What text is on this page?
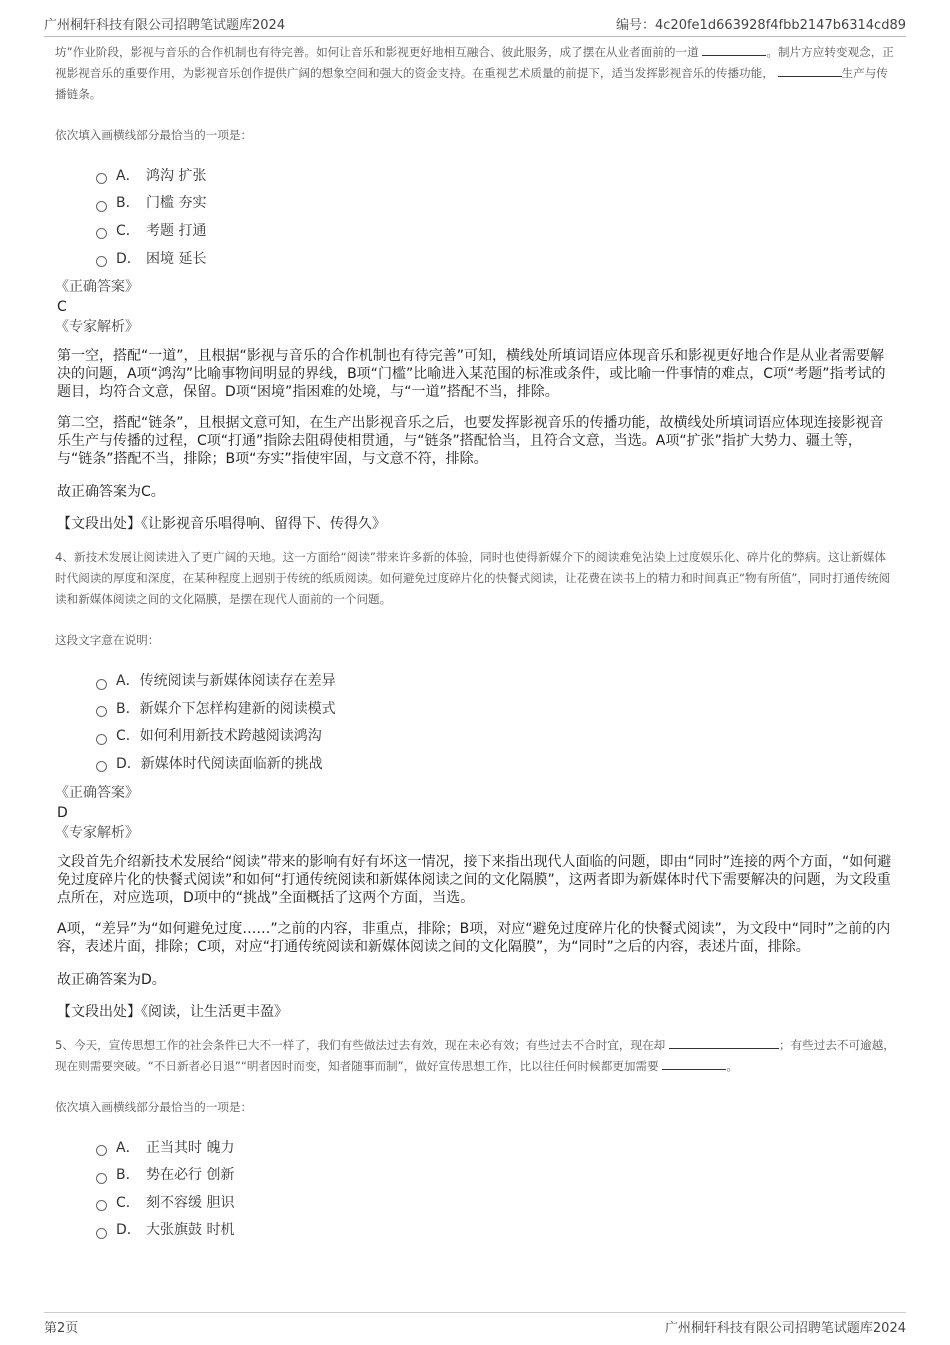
广州桐轩科技有限公司招聘笔试题库2024	编号：4c20fe1d663928f4fbb2147b6314cd89

坊”作业阶段，影视与音乐的合作机制也有待完善。如何让音乐和影视更好地相互融合、彼此服务，成了摆在从业者面前的一道	。制片方应转变观念，正视影视音乐的重要作用，为影视音乐创作提供广阔的想象空间和强大的资金支持。在重视艺术质量的前提下，适当发挥影视音乐的传播功能，	生产与传播链条。

依次填入画横线部分最恰当的一项是：

A． 鸿沟 扩张
B． 门槛 夯实
C． 考题 打通
D． 困境 延长

《正确答案》

C

《专家解析》

第一空，搭配“一道”，且根据“影视与音乐的合作机制也有待完善”可知，横线处所填词语应体现音乐和影视更好地合作是从业者需要解决的问题，A项“鸿沟”比喻事物间明显的界线，B项“门槛”比喻进入某范围的标准或条件，或比喻一件事情的难点，C项“考题”指考试的题目，均符合文意，保留。D项“困境”指困难的处境，与“一道”搭配不当，排除。

第二空，搭配“链条”，且根据文意可知，在生产出影视音乐之后，也要发挥影视音乐的传播功能，故横线处所填词语应体现连接影视音乐生产与传播的过程，C项“打通”指除去阻碍使相贯通，与“链条”搭配恰当，且符合文意，当选。A项“扩张”指扩大势力、疆土等，与“链条”搭配不当，排除；B项“夯实”指使牢固，与文意不符，排除。

故正确答案为C。

【文段出处】《让影视音乐唱得响、留得下、传得久》

4、新技术发展让阅读进入了更广阔的天地。这一方面给“阅读”带来许多新的体验，同时也使得新媒介下的阅读难免沾染上过度娱乐化、碎片化的弊病。这让新媒体时代阅读的厚度和深度，在某种程度上迥别于传统的纸质阅读。如何避免过度碎片化的快餐式阅读，让花费在读书上的精力和时间真正“物有所值”，同时打通传统阅读和新媒体阅读之间的文化隔膜，是摆在现代人面前的一个问题。

这段文字意在说明：

A． 传统阅读与新媒体阅读存在差异
B． 新媒介下怎样构建新的阅读模式
C． 如何利用新技术跨越阅读鸿沟
D． 新媒体时代阅读面临新的挑战

《正确答案》

D

《专家解析》

文段首先介绍新技术发展给“阅读”带来的影响有好有坏这一情况，接下来指出现代人面临的问题，即由“同时”连接的两个方面，“如何避免过度碎片化的快餐式阅读”和如何“打通传统阅读和新媒体阅读之间的文化隔膜”，这两者即为新媒体时代下需要解决的问题，为文段重点所在，对应选项，D项中的“挑战”全面概括了这两个方面，当选。

A项，“差异”为“如何避免过度……”之前的内容，非重点，排除；B项，对应“避免过度碎片化的快餐式阅读”，为文段中“同时”之前的内容，表述片面，排除；C项，对应“打通传统阅读和新媒体阅读之间的文化隔膜”，为“同时”之后的内容，表述片面，排除。

故正确答案为D。

【文段出处】《阅读，让生活更丰盈》

5、今天，宣传思想工作的社会条件已大不一样了，我们有些做法过去有效，现在未必有效；有些过去不合时宜，现在却	；有些过去不可逾越，现在则需要突破。“不日新者必日退”“明者因时而变，知者随事而制”，做好宣传思想工作，比以往任何时候都更加需要	。

依次填入画横线部分最恰当的一项是：

A． 正当其时 魄力
B． 势在必行 创新
C． 刻不容缓 胆识
D． 大张旗鼓 时机
第2页	广州桐轩科技有限公司招聘笔试题库2024
